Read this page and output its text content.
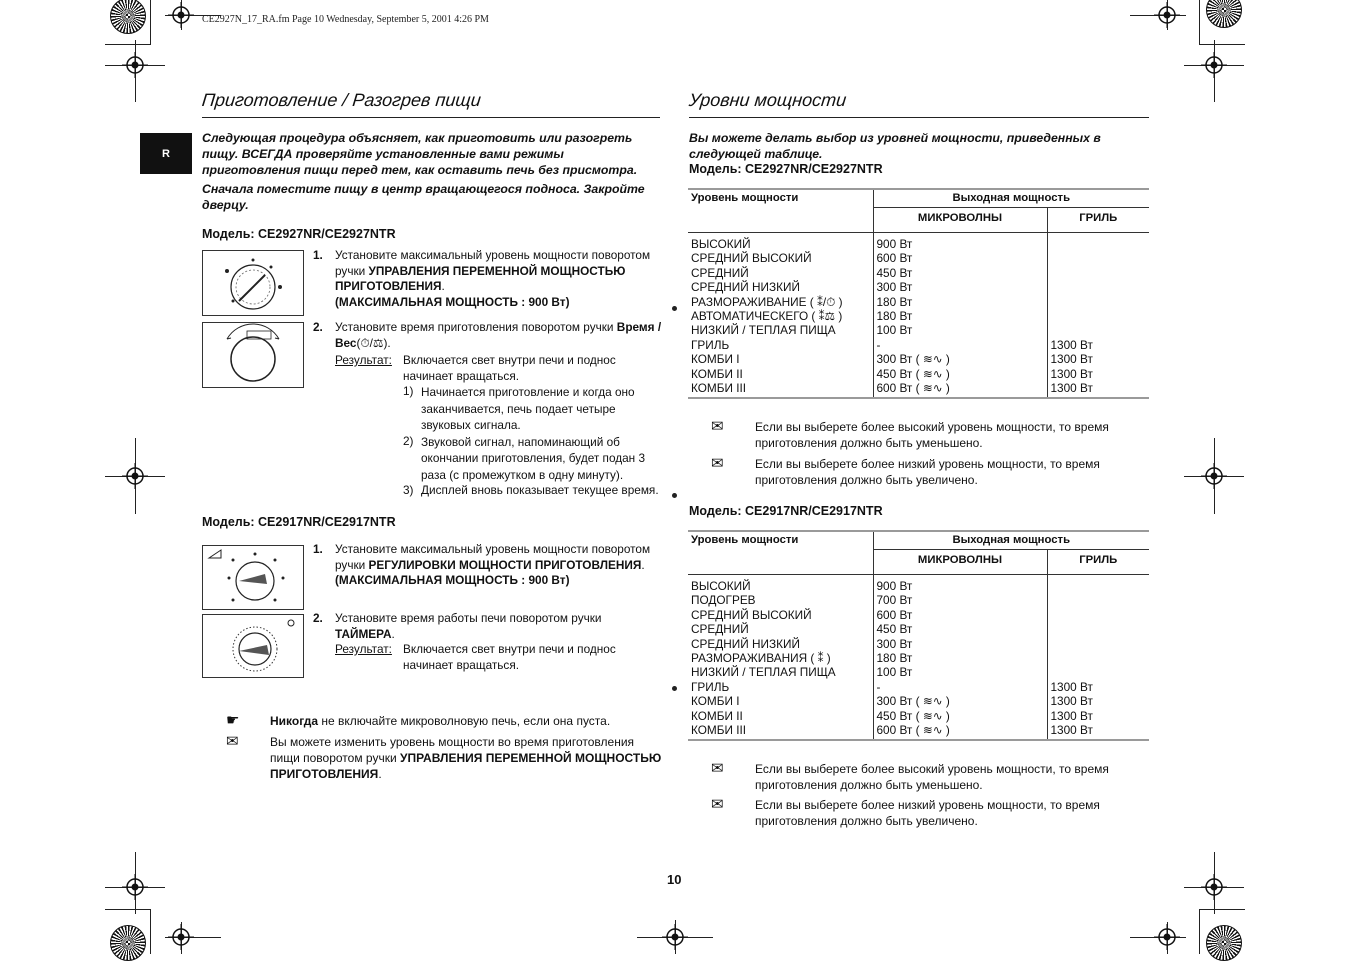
CE2927N_17_RA.fm Page 10 Wednesday, September 5, 2001 4:26 PM
R
Приготовление / Разогрев пищи
Следующая процедура объясняет, как приготовить или разогреть пищу. ВСЕГДА проверяйте установленные вами режимы приготовления пищи перед тем, как оставить печь без присмотра.
Сначала поместите пищу в центр вращающегося подноса. Закройте дверцу.
Модель: CE2927NR/CE2927NTR
1. Установите максимальный уровень мощности поворотом ручки УПРАВЛЕНИЯ ПЕРЕМЕННОЙ МОЩНОСТЬЮ ПРИГОТОВЛЕНИЯ.
(МАКСИМАЛЬНАЯ МОЩНОСТЬ : 900 Вт)
2. Установите время приготовления поворотом ручки Время / Вес(⏱/⚖).
Результат: Включается свет внутри печи и поднос начинает вращаться.
1) Начинается приготовление и когда оно заканчивается, печь подает четыре звуковых сигнала.
2) Звуковой сигнал, напоминающий об окончании приготовления, будет подан 3 раза (с промежутком в одну минуту).
3) Дисплей вновь показывает текущее время.
Модель: CE2917NR/CE2917NTR
1. Установите максимальный уровень мощности поворотом ручки РЕГУЛИРОВКИ МОЩНОСТИ ПРИГОТОВЛЕНИЯ.
(МАКСИМАЛЬНАЯ МОЩНОСТЬ : 900 Вт)
2. Установите время работы печи поворотом ручки ТАЙМЕРА.
Результат: Включается свет внутри печи и поднос начинает вращаться.
☛	Никогда не включайте микроволновую печь, если она пуста.
✉	Вы можете изменить уровень мощности во время приготовления пищи поворотом ручки УПРАВЛЕНИЯ ПЕРЕМЕННОЙ МОЩНОСТЬЮ ПРИГОТОВЛЕНИЯ.
Уровни мощности
Вы можете делать выбор из уровней мощности, приведенных в следующей таблице.
Модель: CE2927NR/CE2927NTR
Уровень мощности	Выходная мощность	
	МИКРОВОЛНЫ	ГРИЛЬ
ВЫСОКИЙ	900 Вт	
СРЕДНИЙ ВЫСОКИЙ	600 Вт	
СРЕДНИЙ	450 Вт	
СРЕДНИЙ НИЗКИЙ	300 Вт	
РАЗМОРАЖИВАНИЕ ( ⁑/⏱ )	180 Вт	
АВТОМАТИЧЕСКЕГО ( ⁑⚖ )	180 Вт	
НИЗКИЙ / ТЕПЛАЯ ПИЩА	100 Вт	
ГРИЛЬ	-	1300 Вт
КОМБИ I	300 Вт ( ≋∿ )	1300 Вт
КОМБИ II	450 Вт ( ≋∿ )	1300 Вт
КОМБИ III	600 Вт ( ≋∿ )	1300 Вт
✉	Если вы выберете более высокий уровень мощности, то время приготовления должно быть уменьшено.
✉	Если вы выберете более низкий уровень мощности, то время приготовления должно быть увеличено.
Модель: CE2917NR/CE2917NTR
Уровень мощности	Выходная мощность	
	МИКРОВОЛНЫ	ГРИЛЬ
ВЫСОКИЙ	900 Вт	
ПОДОГРЕВ	700 Вт	
СРЕДНИЙ ВЫСОКИЙ	600 Вт	
СРЕДНИЙ	450 Вт	
СРЕДНИЙ НИЗКИЙ	300 Вт	
РАЗМОРАЖИВАНИЯ ( ⁑ )	180 Вт	
НИЗКИЙ / ТЕПЛАЯ ПИЩА	100 Вт	
ГРИЛЬ	-	1300 Вт
КОМБИ I	300 Вт ( ≋∿ )	1300 Вт
КОМБИ II	450 Вт ( ≋∿ )	1300 Вт
КОМБИ III	600 Вт ( ≋∿ )	1300 Вт
✉	Если вы выберете более высокий уровень мощности, то время приготовления должно быть уменьшено.
✉	Если вы выберете более низкий уровень мощности, то время приготовления должно быть увеличено.
10
